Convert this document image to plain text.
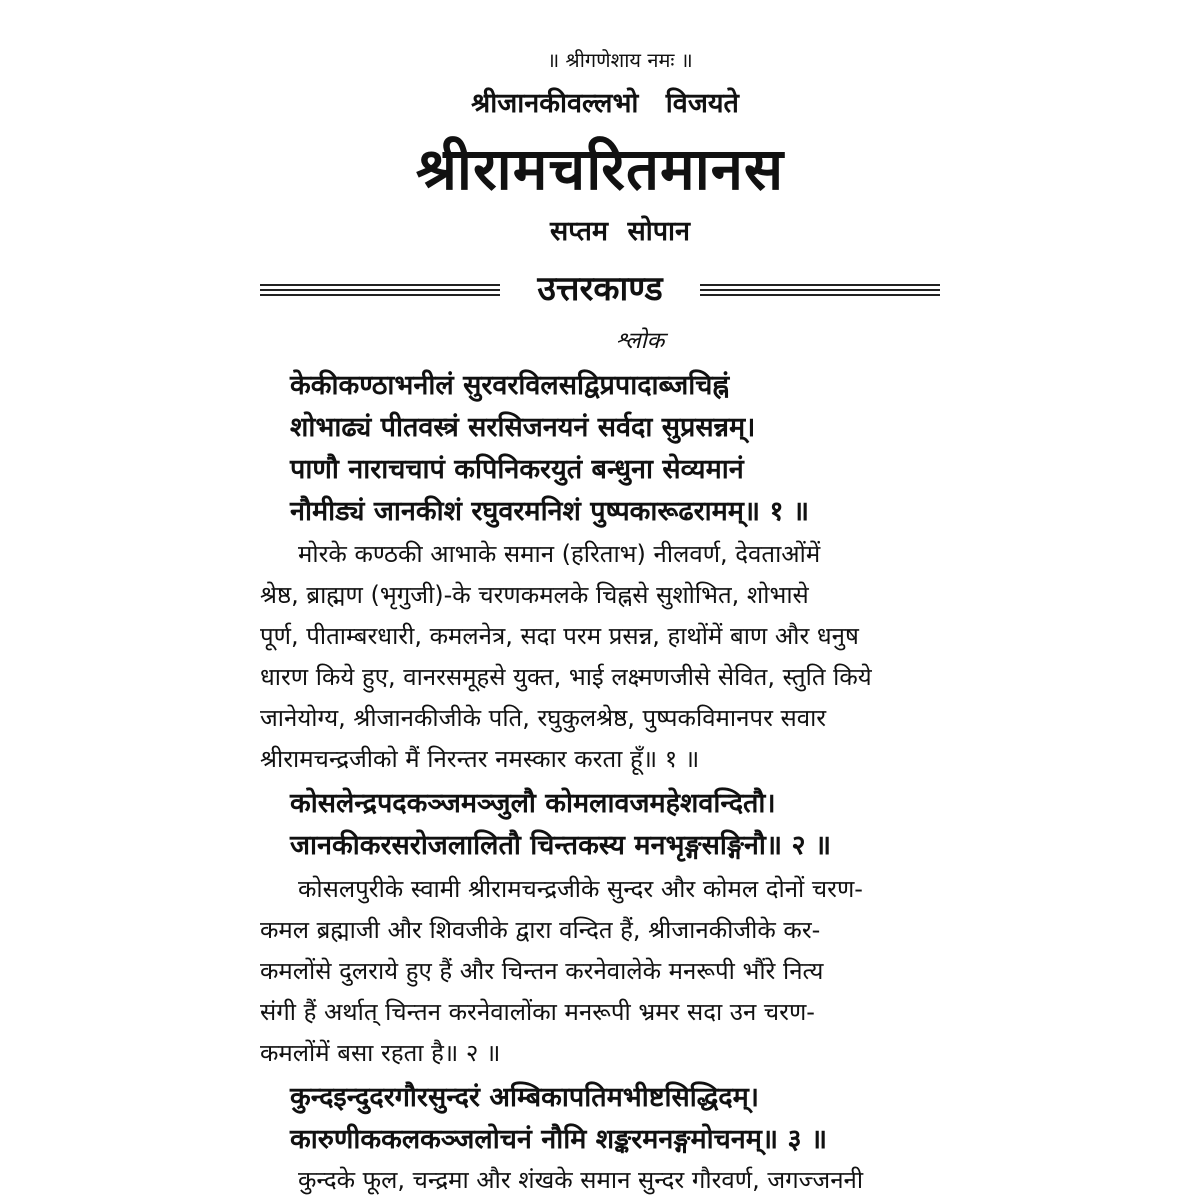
॥ श्रीगणेशाय नमः ॥
श्रीजानकीवल्लभो विजयते
श्रीरामचरितमानस
सप्तम सोपान
उत्तरकाण्ड
श्लोक
केकीकण्ठाभनीलं सुरवरविलसद्विप्रपादाब्जचिह्नं
शोभाढ्यं पीतवस्त्रं सरसिजनयनं सर्वदा सुप्रसन्नम्।
पाणौ नाराचचापं कपिनिकरयुतं बन्धुना सेव्यमानं
नौमीड्यं जानकीशं रघुवरमनिशं पुष्पकारूढरामम्॥ १ ॥
मोरके कण्ठकी आभाके समान (हरिताभ) नीलवर्ण, देवताओंमें
श्रेष्ठ, ब्राह्मण (भृगुजी)-के चरणकमलके चिह्नसे सुशोभित, शोभासे
पूर्ण, पीताम्बरधारी, कमलनेत्र, सदा परम प्रसन्न, हाथोंमें बाण और धनुष
धारण किये हुए, वानरसमूहसे युक्त, भाई लक्ष्मणजीसे सेवित, स्तुति किये
जानेयोग्य, श्रीजानकीजीके पति, रघुकुलश्रेष्ठ, पुष्पकविमानपर सवार
श्रीरामचन्द्रजीको मैं निरन्तर नमस्कार करता हूँ॥ १ ॥
कोसलेन्द्रपदकञ्जमञ्जुलौ कोमलावजमहेशवन्दितौ।
जानकीकरसरोजलालितौ चिन्तकस्य मनभृङ्गसङ्गिनौ॥ २ ॥
कोसलपुरीके स्वामी श्रीरामचन्द्रजीके सुन्दर और कोमल दोनों चरण-
कमल ब्रह्माजी और शिवजीके द्वारा वन्दित हैं, श्रीजानकीजीके कर-
कमलोंसे दुलराये हुए हैं और चिन्तन करनेवालेके मनरूपी भौंरे नित्य
संगी हैं अर्थात् चिन्तन करनेवालोंका मनरूपी भ्रमर सदा उन चरण-
कमलोंमें बसा रहता है॥ २ ॥
कुन्दइन्दुदरगौरसुन्दरं अम्बिकापतिमभीष्टसिद्धिदम्।
कारुणीककलकञ्जलोचनं नौमि शङ्करमनङ्गमोचनम्॥ ३ ॥
कुन्दके फूल, चन्द्रमा और शंखके समान सुन्दर गौरवर्ण, जगज्जननी
